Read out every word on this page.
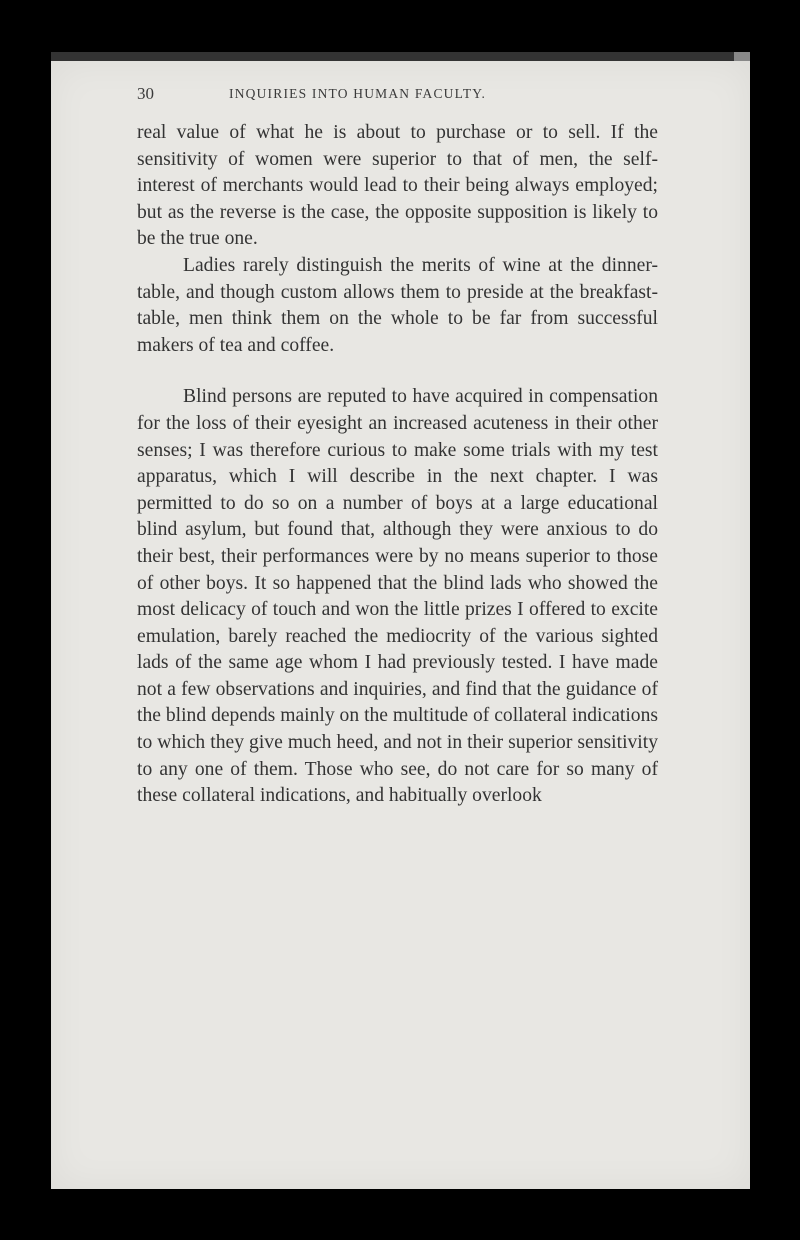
30	INQUIRIES INTO HUMAN FACULTY.

real value of what he is about to purchase or to sell. If the sensitivity of women were superior to that of men, the self-interest of merchants would lead to their being always employed; but as the reverse is the case, the opposite supposition is likely to be the true one.

Ladies rarely distinguish the merits of wine at the dinner-table, and though custom allows them to preside at the breakfast-table, men think them on the whole to be far from successful makers of tea and coffee.

Blind persons are reputed to have acquired in compensation for the loss of their eyesight an increased acuteness in their other senses; I was therefore curious to make some trials with my test apparatus, which I will describe in the next chapter. I was permitted to do so on a number of boys at a large educational blind asylum, but found that, although they were anxious to do their best, their performances were by no means superior to those of other boys. It so happened that the blind lads who showed the most delicacy of touch and won the little prizes I offered to excite emulation, barely reached the mediocrity of the various sighted lads of the same age whom I had previously tested. I have made not a few observations and inquiries, and find that the guidance of the blind depends mainly on the multitude of collateral indications to which they give much heed, and not in their superior sensitivity to any one of them. Those who see, do not care for so many of these collateral indications, and habitually overlook
